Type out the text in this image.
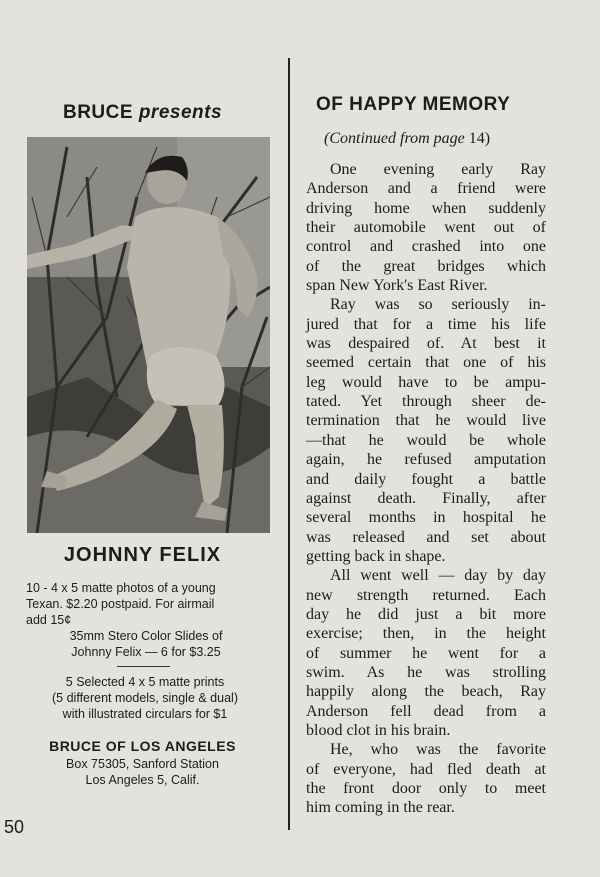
BRUCE presents
JOHNNY FELIX
10 - 4 x 5 matte photos of a young
Texan. $2.20 postpaid. For airmail
add 15¢
35mm Stero Color Slides of
Johnny Felix — 6 for $3.25
5 Selected 4 x 5 matte prints
(5 different models, single & dual)
with illustrated circulars for $1
BRUCE OF LOS ANGELES
Box 75305, Sanford Station
Los Angeles 5, Calif.
50
OF HAPPY MEMORY
(Continued from page 14)
One evening early Ray
Anderson and a friend were
driving home when suddenly
their automobile went out of
control and crashed into one
of the great bridges which
span New York's East River.
Ray was so seriously in-
jured that for a time his life
was despaired of. At best it
seemed certain that one of his
leg would have to be ampu-
tated. Yet through sheer de-
termination that he would live
—that he would be whole
again, he refused amputation
and daily fought a battle
against death. Finally, after
several months in hospital he
was released and set about
getting back in shape.
All went well — day by day
new strength returned. Each
day he did just a bit more
exercise; then, in the height
of summer he went for a
swim. As he was strolling
happily along the beach, Ray
Anderson fell dead from a
blood clot in his brain.
He, who was the favorite
of everyone, had fled death at
the front door only to meet
him coming in the rear.
